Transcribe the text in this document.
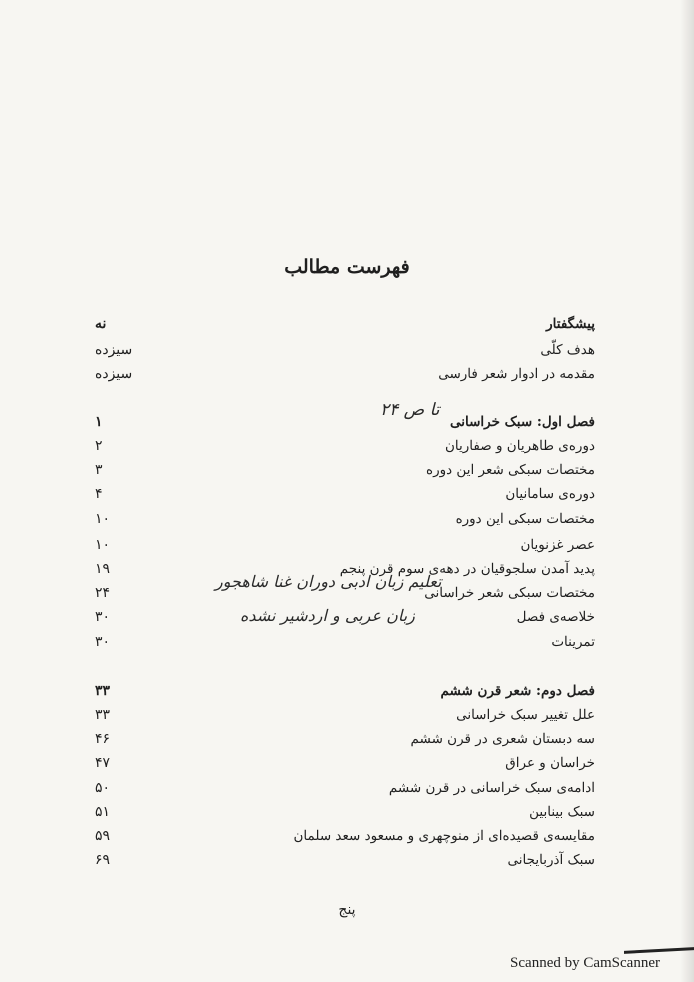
فهرست مطالب
پیشگفتار
نه
هدف کلّی
سیزده
مقدمه در ادوار شعر فارسی
سیزده
فصل اول: سبک خراسانی
۱
دوره‌ی طاهریان و صفاریان
۲
مختصات سبکی شعر این دوره
۳
دوره‌ی سامانیان
۴
مختصات سبکی این دوره
۱۰
عصر غزنویان
۱۰
پدید آمدن سلجوقیان در دهه‌ی سوم قرن پنجم
۱۹
مختصات سبکی شعر خراسانی
۲۴
خلاصه‌ی فصل
۳۰
تمرینات
۳۰
فصل دوم: شعر قرن ششم
۳۳
علل تغییر سبک خراسانی
۳۳
سه دبستان شعری در قرن ششم
۴۶
خراسان و عراق
۴۷
ادامه‌ی سبک خراسانی در قرن ششم
۵۰
سبک بینابین
۵۱
مقایسه‌ی قصیده‌ای از منوچهری و مسعود سعد سلمان
۵۹
سبک آذربایجانی
۶۹
تا ص ۲۴
تعلیم زبان ادبی دوران غنا شاهجور
زبان عربی و اردشیر نشده
پنج
Scanned by CamScanner
